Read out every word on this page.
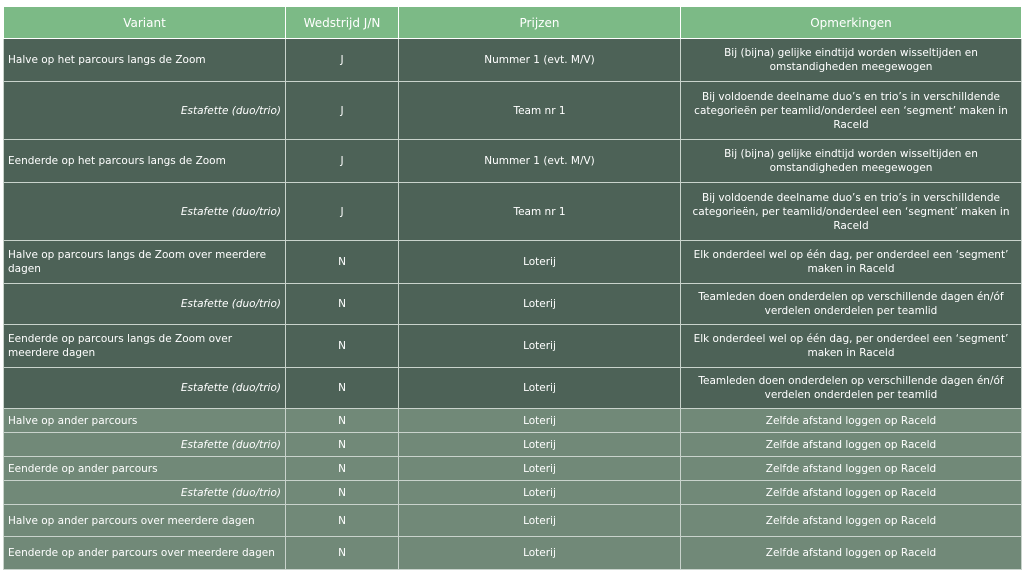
Variant	Wedstrijd J/N	Prijzen	Opmerkingen
Halve op het parcours langs de Zoom	J	Nummer 1 (evt. M/V)	Bij (bijna) gelijke eindtijd worden wisseltijden en omstandigheden meegewogen
Estafette (duo/trio)	J	Team nr 1	Bij voldoende deelname duo’s en trio’s in verschilldende categorieën per teamlid/onderdeel een ‘segment’ maken in Raceld
Eenderde op het parcours langs de Zoom	J	Nummer 1 (evt. M/V)	Bij (bijna) gelijke eindtijd worden wisseltijden en omstandigheden meegewogen
Estafette (duo/trio)	J	Team nr 1	Bij voldoende deelname duo’s en trio’s in verschilldende categorieën, per teamlid/onderdeel een ‘segment’ maken in Raceld
Halve op parcours langs de Zoom over meerdere dagen	N	Loterij	Elk onderdeel wel op één dag, per onderdeel een ‘segment’ maken in Raceld
Estafette (duo/trio)	N	Loterij	Teamleden doen onderdelen op verschillende dagen én/óf verdelen onderdelen per teamlid
Eenderde op parcours langs de Zoom over meerdere dagen	N	Loterij	Elk onderdeel wel op één dag, per onderdeel een ‘segment’ maken in Raceld
Estafette (duo/trio)	N	Loterij	Teamleden doen onderdelen op verschillende dagen én/óf verdelen onderdelen per teamlid
Halve op ander parcours	N	Loterij	Zelfde afstand loggen op Raceld
Estafette (duo/trio)	N	Loterij	Zelfde afstand loggen op Raceld
Eenderde op ander parcours	N	Loterij	Zelfde afstand loggen op Raceld
Estafette (duo/trio)	N	Loterij	Zelfde afstand loggen op Raceld
Halve op ander parcours over meerdere dagen	N	Loterij	Zelfde afstand loggen op Raceld
Eenderde op ander parcours over meerdere dagen	N	Loterij	Zelfde afstand loggen op Raceld
